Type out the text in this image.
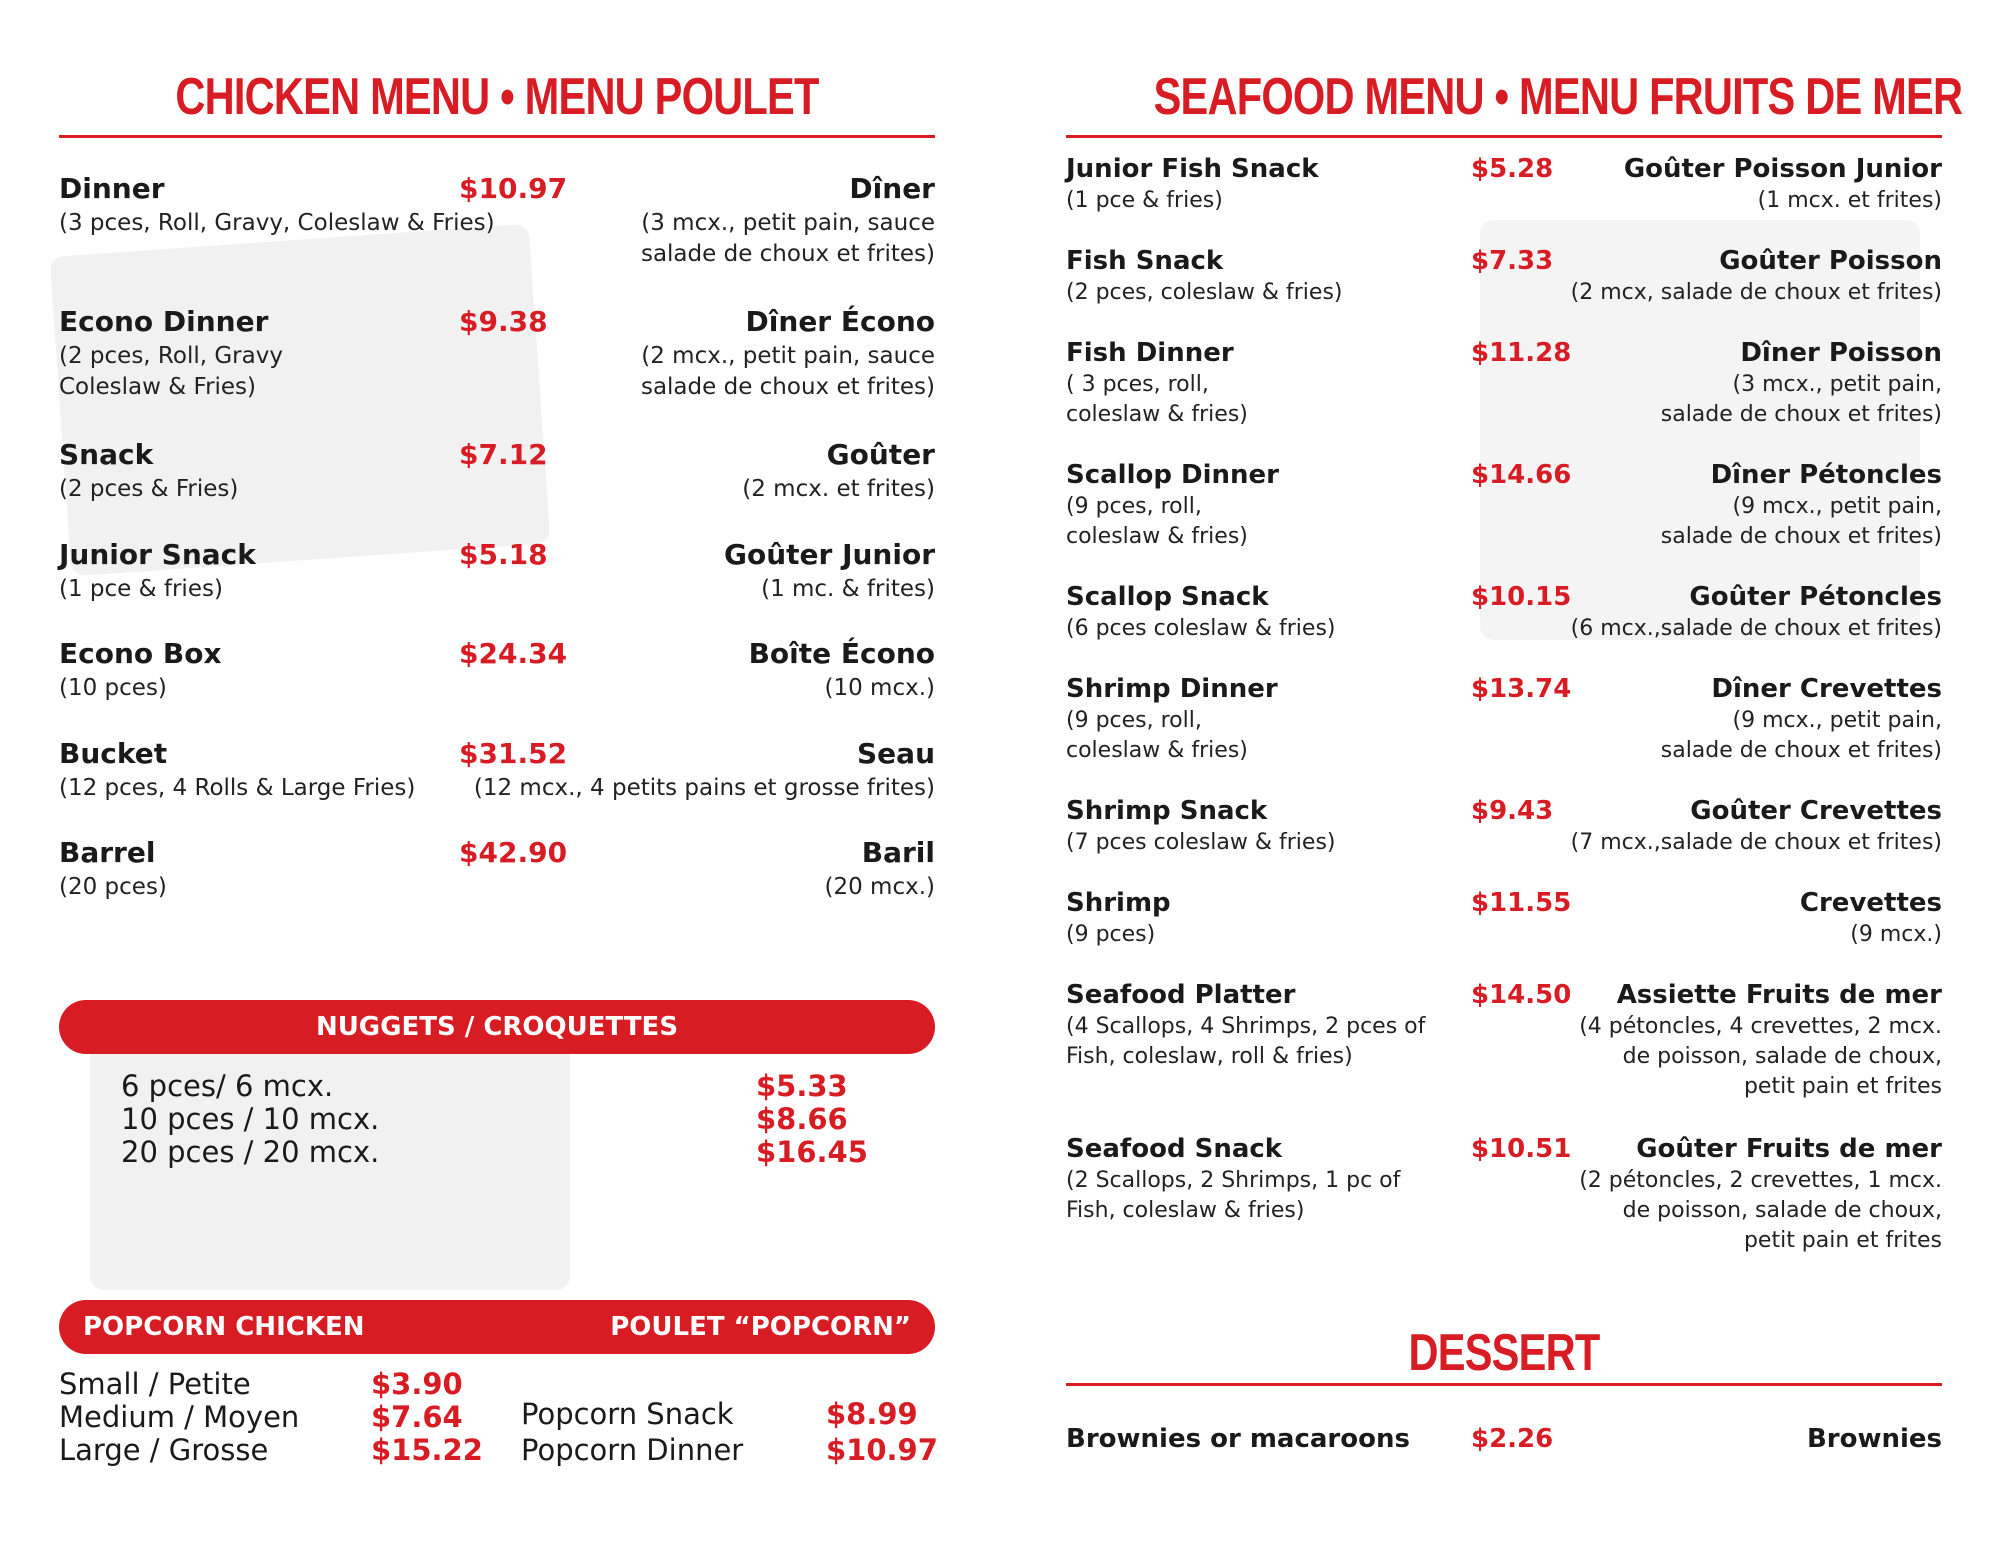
CHICKEN MENU • MENU POULET
Dinner	$10.97	Dîner
(3 pces, Roll, Gravy, Coleslaw & Fries)	(3 mcx., petit pain, sauce
salade de choux et frites)
Econo Dinner	$9.38	Dîner Écono
(2 pces, Roll, Gravy
Coleslaw & Fries)
(2 mcx., petit pain, sauce
salade de choux et frites)
Snack	$7.12	Goûter
(2 pces & Fries)	(2 mcx. et frites)
Junior Snack	$5.18	Goûter Junior
(1 pce & fries)	(1 mc. & frites)
Econo Box	$24.34	Boîte Écono
(10 pces)	(10 mcx.)
Bucket	$31.52	Seau
(12 pces, 4 Rolls & Large Fries)	(12 mcx., 4 petits pains et grosse frites)
Barrel	$42.90	Baril
(20 pces)	(20 mcx.)
NUGGETS / CROQUETTES
6 pces/ 6 mcx.	$5.33
10 pces / 10 mcx.	$8.66
20 pces / 20 mcx.	$16.45
POPCORN CHICKEN	POULET “POPCORN”
Small / Petite	$3.90
Medium / Moyen $7.64
Large / Grosse	$15.22
Popcorn Snack	$8.99
Popcorn Dinner	$10.97
SEAFOOD MENU • MENU FRUITS DE MER
Junior Fish Snack	$5.28	Goûter Poisson Junior
(1 pce & fries)	(1 mcx. et frites)
Fish Snack	$7.33	Goûter Poisson
(2 pces, coleslaw & fries)	(2 mcx, salade de choux et frites)
Fish Dinner	$11.28	Dîner Poisson
( 3 pces, roll,
coleslaw & fries)
(3 mcx., petit pain,
salade de choux et frites)
Scallop Dinner	$14.66	Dîner Pétoncles
(9 pces, roll,
coleslaw & fries)
(9 mcx., petit pain,
salade de choux et frites)
Scallop Snack	$10.15	Goûter Pétoncles
(6 pces coleslaw & fries)	(6 mcx.,salade de choux et frites)
Shrimp Dinner	$13.74	Dîner Crevettes
(9 pces, roll,
coleslaw & fries)
(9 mcx., petit pain,
salade de choux et frites)
Shrimp Snack	$9.43	Goûter Crevettes
(7 pces coleslaw & fries)	(7 mcx.,salade de choux et frites)
Shrimp	$11.55	Crevettes
(9 pces)	(9 mcx.)
Seafood Platter	$14.50 Assiette Fruits de mer
(4 Scallops, 4 Shrimps, 2 pces of
Fish, coleslaw, roll & fries)
(4 pétoncles, 4 crevettes, 2 mcx.
de poisson, salade de choux,
petit pain et frites
Seafood Snack	$10.51 Goûter Fruits de mer
(2 Scallops, 2 Shrimps, 1 pc of
Fish, coleslaw & fries)
(2 pétoncles, 2 crevettes, 1 mcx.
de poisson, salade de choux,
petit pain et frites
DESSERT
Brownies or macaroons $2.26	Brownies
